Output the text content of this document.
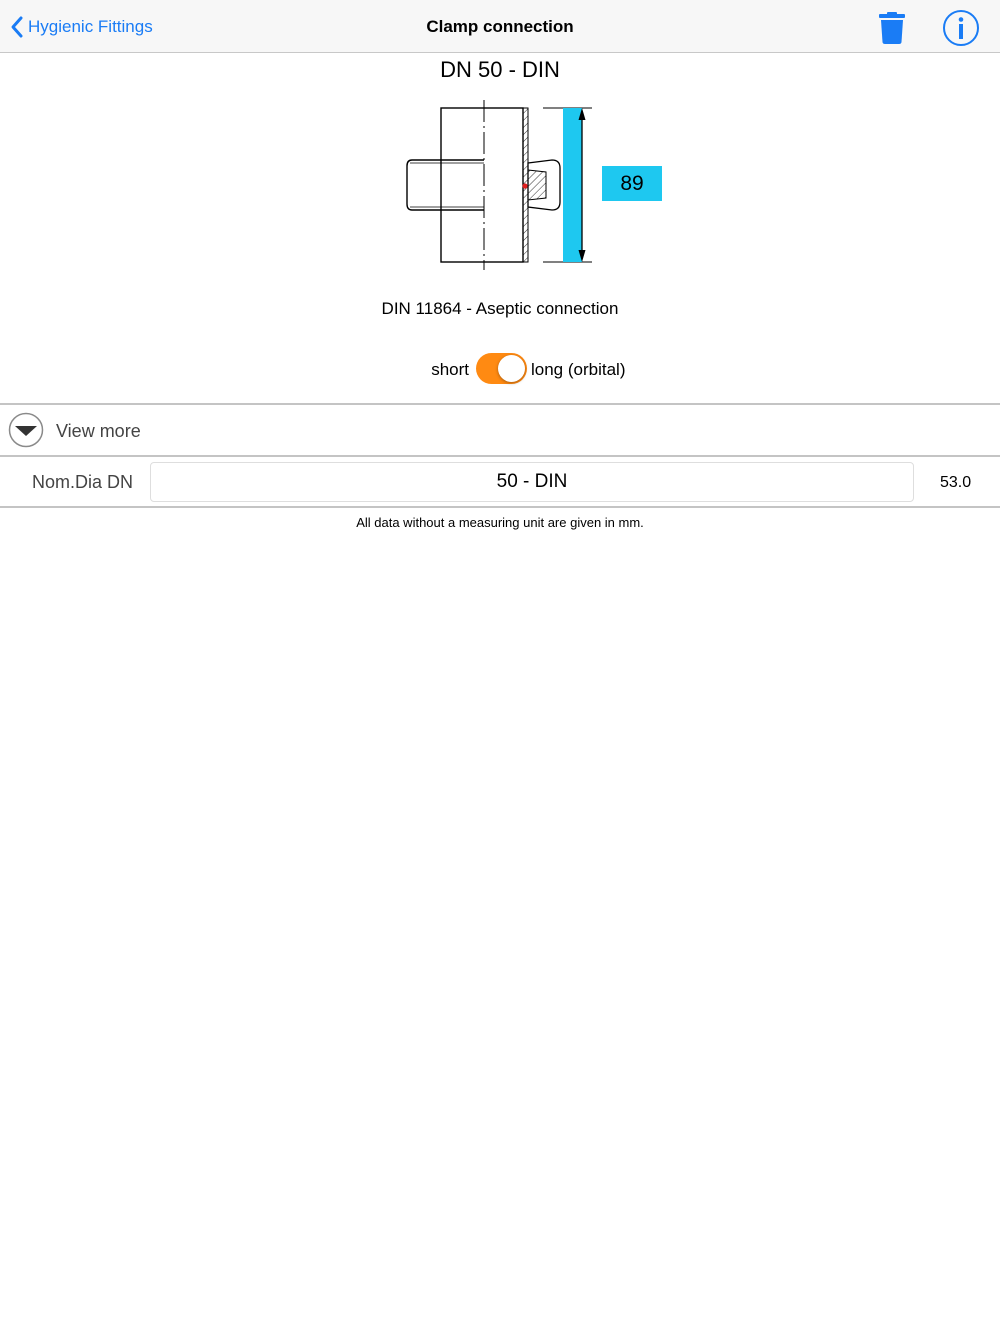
Hygienic Fittings	Clamp connection
DN 50 - DIN
89
DIN 11864 - Aseptic connection
short	long (orbital)
View more
Nom.Dia DN	50 - DIN	53.0
All data without a measuring unit are given in mm.
